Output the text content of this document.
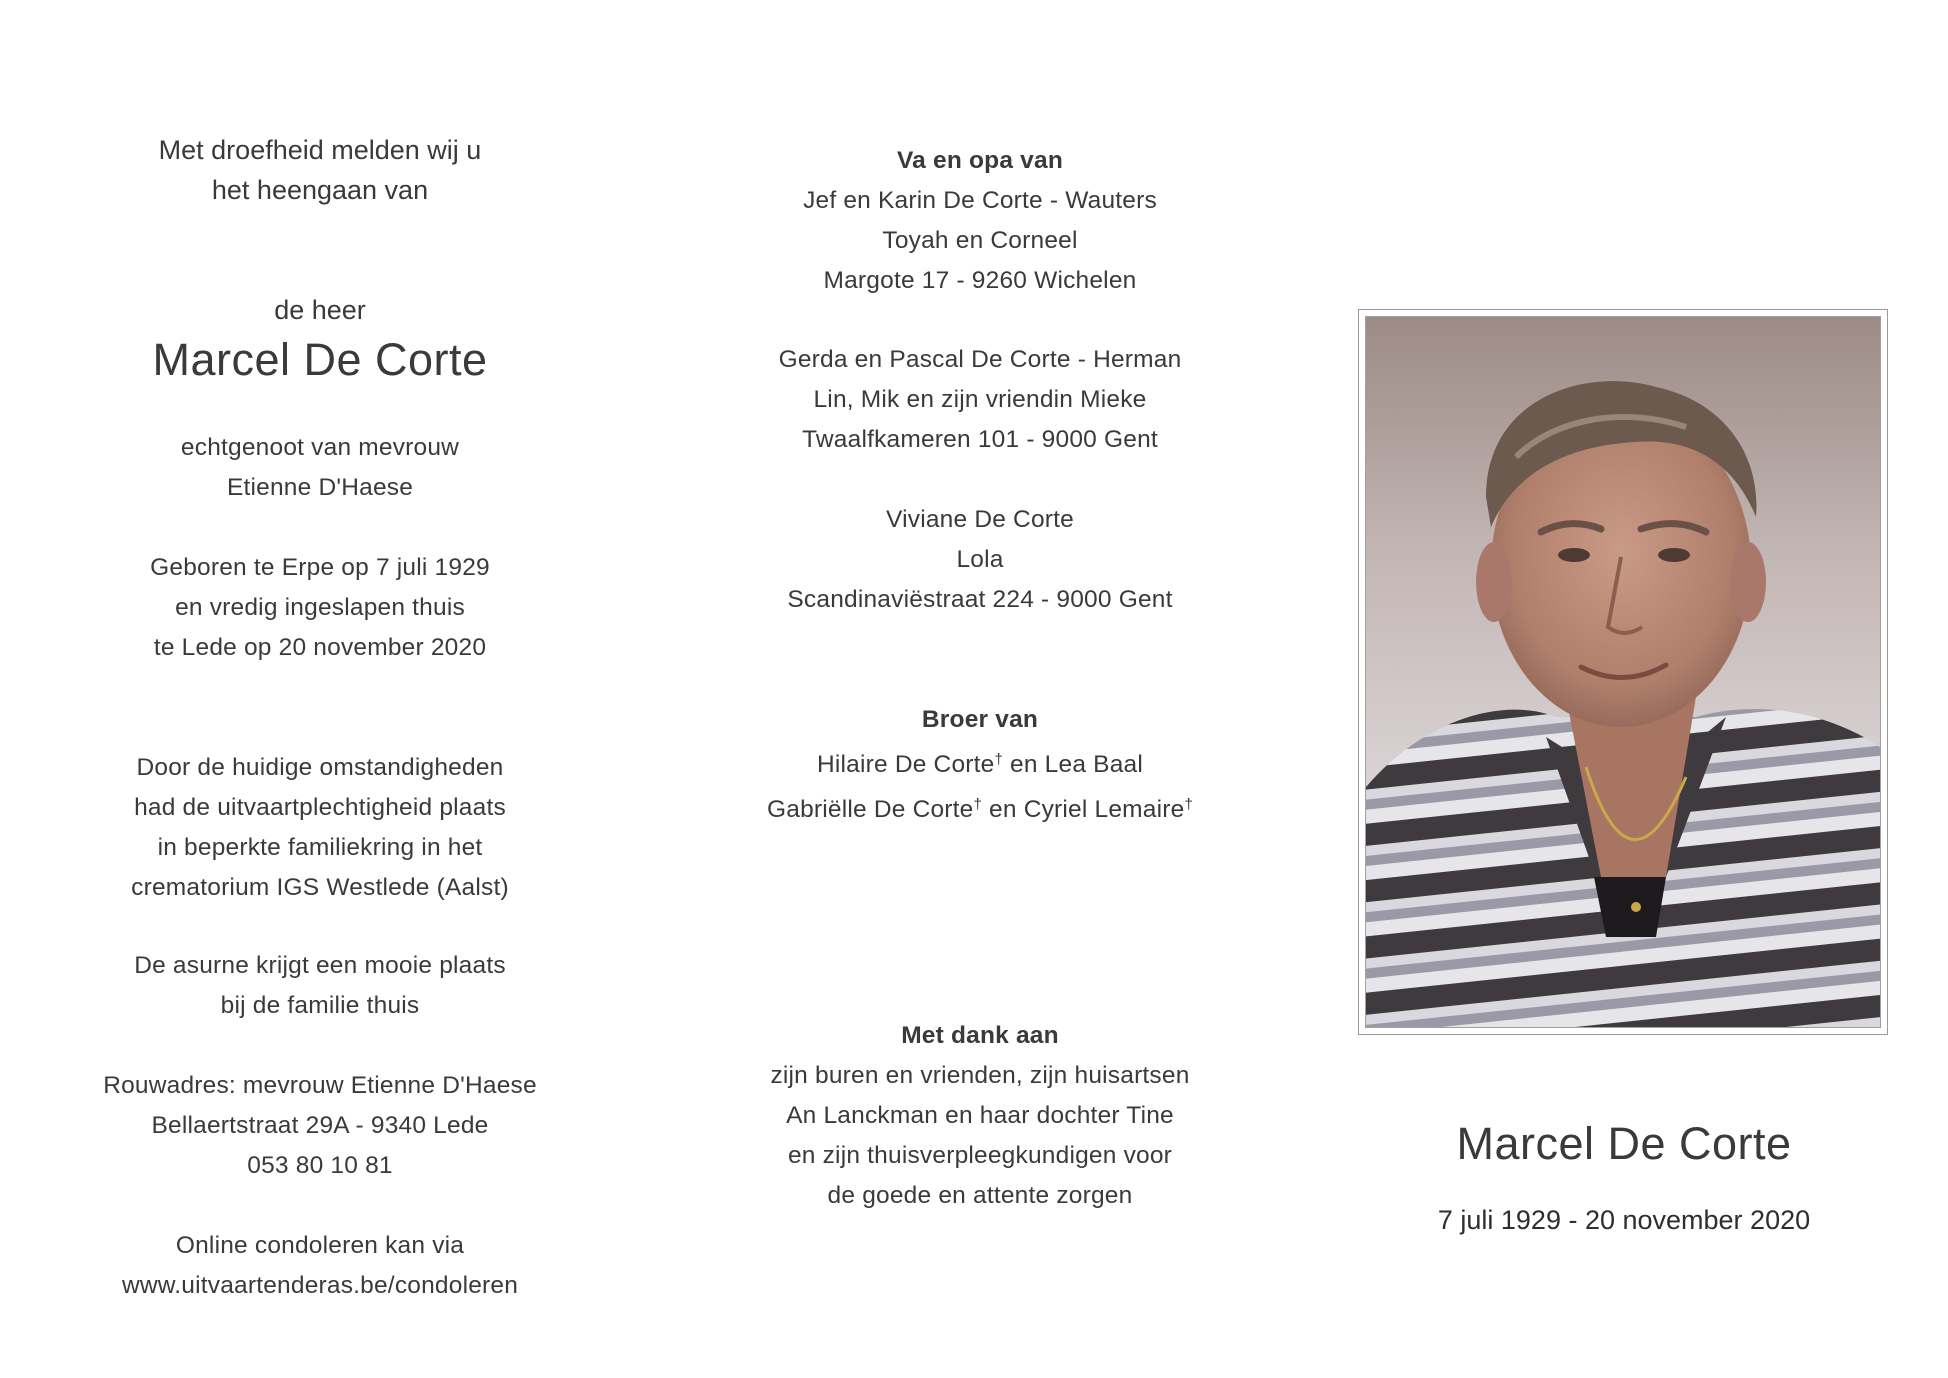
Met droefheid melden wij u
het heengaan van
de heer
Marcel De Corte
echtgenoot van mevrouw
Etienne D'Haese
Geboren te Erpe op 7 juli 1929
en vredig ingeslapen thuis
te Lede op 20 november 2020
Door de huidige omstandigheden
had de uitvaartplechtigheid plaats
in beperkte familiekring in het
crematorium IGS Westlede (Aalst)
De asurne krijgt een mooie plaats
bij de familie thuis
Rouwadres: mevrouw Etienne D'Haese
Bellaertstraat 29A - 9340 Lede
053 80 10 81
Online condoleren kan via
www.uitvaartenderas.be/condoleren
Va en opa van
Jef en Karin De Corte - Wauters
Toyah en Corneel
Margote 17 - 9260 Wichelen
Gerda en Pascal De Corte - Herman
Lin, Mik en zijn vriendin Mieke
Twaalfkameren 101 - 9000 Gent
Viviane De Corte
Lola
Scandinaviëstraat 224 - 9000 Gent
Broer van
Hilaire De Corte† en Lea Baal
Gabriëlle De Corte† en Cyriel Lemaire†
Met dank aan
zijn buren en vrienden, zijn huisartsen
An Lanckman en haar dochter Tine
en zijn thuisverpleegkundigen voor
de goede en attente zorgen
Marcel De Corte
7 juli 1929 - 20 november 2020
